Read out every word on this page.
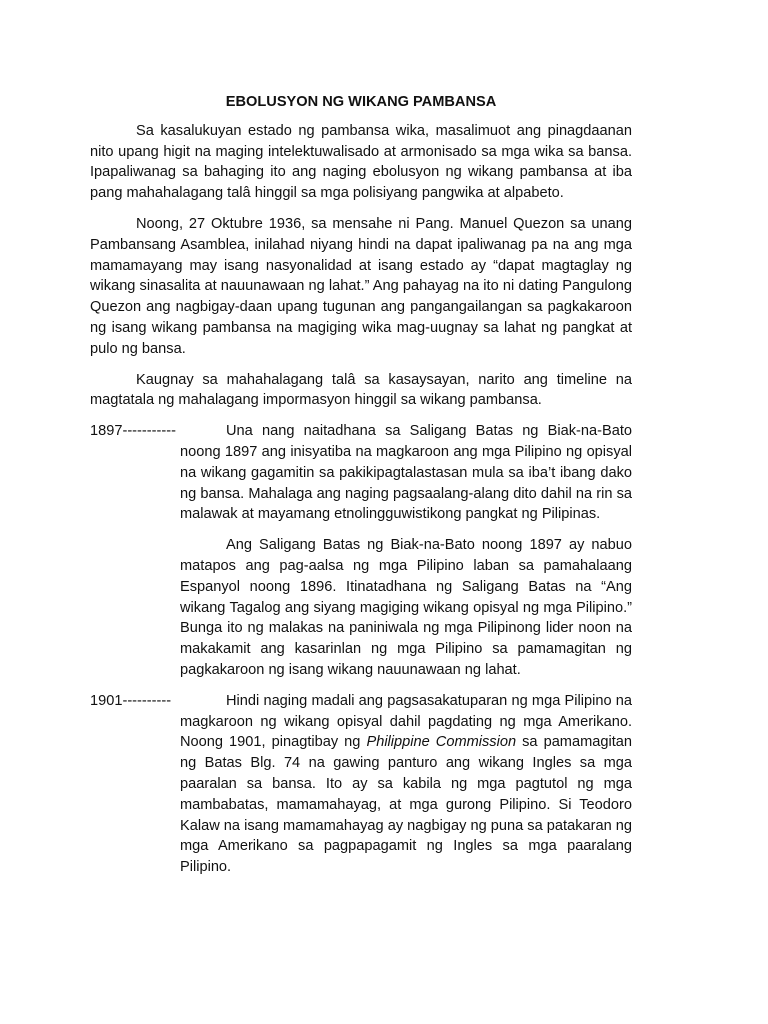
EBOLUSYON NG WIKANG PAMBANSA

Sa kasalukuyan estado ng pambansa wika, masalimuot ang pinagdaanan nito upang higit na maging intelektuwalisado at armonisado sa mga wika sa bansa. Ipapaliwanag sa bahaging ito ang naging ebolusyon ng wikang pambansa at iba pang mahahalagang talâ hinggil sa mga polisiyang pangwika at alpabeto.

Noong, 27 Oktubre 1936, sa mensahe ni Pang. Manuel Quezon sa unang Pambansang Asamblea, inilahad niyang hindi na dapat ipaliwanag pa na ang mga mamamayang may isang nasyonalidad at isang estado ay “dapat magtaglay ng wikang sinasalita at nauunawaan ng lahat.” Ang pahayag na ito ni dating Pangulong Quezon ang nagbigay-daan upang tugunan ang pangangailangan sa pagkakaroon ng isang wikang pambansa na magiging wika mag-uugnay sa lahat ng pangkat at pulo ng bansa.

Kaugnay sa mahahalagang talâ sa kasaysayan, narito ang timeline na magtatala ng mahalagang impormasyon hinggil sa wikang pambansa.

1897-----------	Una nang naitadhana sa Saligang Batas ng Biak-na-Bato noong 1897 ang inisyatiba na magkaroon ang mga Pilipino ng opisyal na wikang gagamitin sa pakikipagtalastasan mula sa iba’t ibang dako ng bansa. Mahalaga ang naging pagsaalang-alang dito dahil na rin sa malawak at mayamang etnolingguwistikong pangkat ng Pilipinas.

Ang Saligang Batas ng Biak-na-Bato noong 1897 ay nabuo matapos ang pag-aalsa ng mga Pilipino laban sa pamahalaang Espanyol noong 1896. Itinatadhana ng Saligang Batas na “Ang wikang Tagalog ang siyang magiging wikang opisyal ng mga Pilipino.” Bunga ito ng malakas na paniniwala ng mga Pilipinong lider noon na makakamit ang kasarinlan ng mga Pilipino sa pamamagitan ng pagkakaroon ng isang wikang nauunawaan ng lahat.

1901----------	Hindi naging madali ang pagsasakatuparan ng mga Pilipino na magkaroon ng wikang opisyal dahil pagdating ng mga Amerikano. Noong 1901, pinagtibay ng Philippine Commission sa pamamagitan ng Batas Blg. 74 na gawing panturo ang wikang Ingles sa mga paaralan sa bansa. Ito ay sa kabila ng mga pagtutol ng mga mambabatas, mamamahayag, at mga gurong Pilipino. Si Teodoro Kalaw na isang mamamahayag ay nagbigay ng puna sa patakaran ng mga Amerikano sa pagpapagamit ng Ingles sa mga paaralang Pilipino.
